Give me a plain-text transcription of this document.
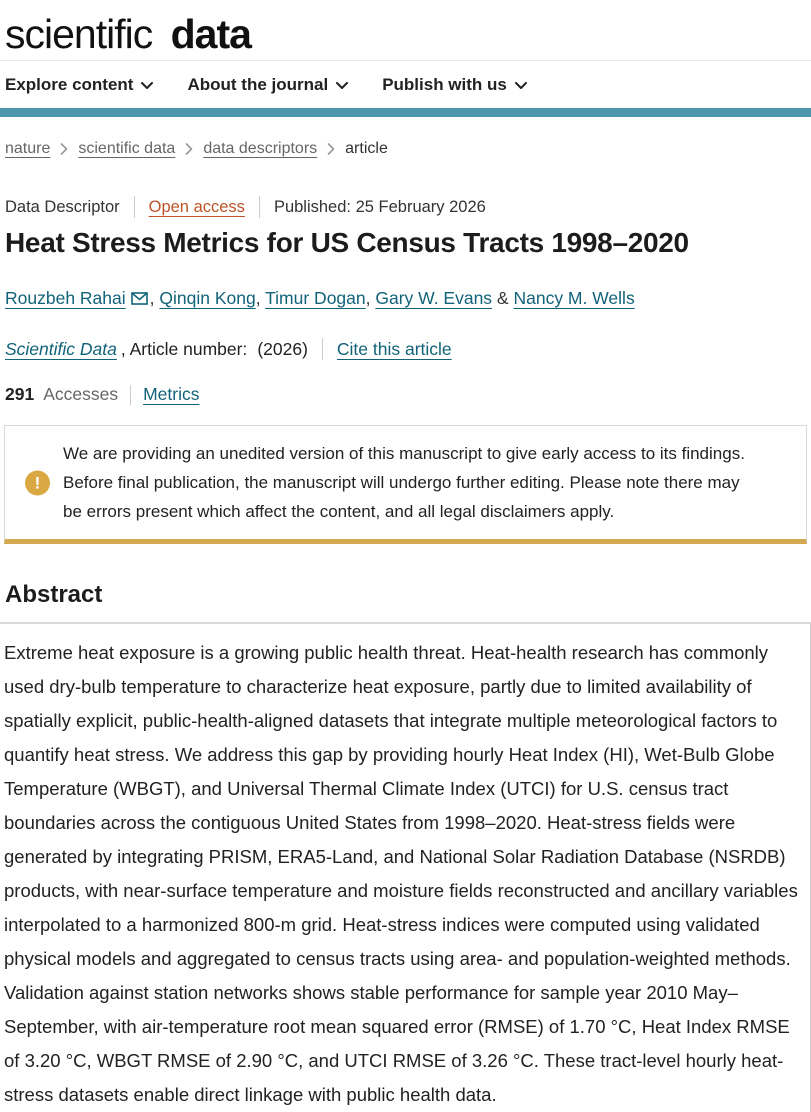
scientific data
Explore content	About the journal	Publish with us
nature scientific data data descriptors article
Data Descriptor Open access Published: 25 February 2026
Heat Stress Metrics for US Census Tracts 1998–2020
Rouzbeh Rahai , Qinqin Kong, Timur Dogan, Gary W. Evans & Nancy M. Wells
Scientific Data , Article number: (2026) Cite this article
291 Accesses Metrics
!
We are providing an unedited version of this manuscript to give early access to its findings. Before final publication, the manuscript will undergo further editing. Please note there may be errors present which affect the content, and all legal disclaimers apply.
Abstract

Extreme heat exposure is a growing public health threat. Heat-health research has commonly used dry-bulb temperature to characterize heat exposure, partly due to limited availability of spatially explicit, public-health-aligned datasets that integrate multiple meteorological factors to quantify heat stress. We address this gap by providing hourly Heat Index (HI), Wet-Bulb Globe Temperature (WBGT), and Universal Thermal Climate Index (UTCI) for U.S. census tract boundaries across the contiguous United States from 1998–2020. Heat-stress fields were generated by integrating PRISM, ERA5-Land, and National Solar Radiation Database (NSRDB) products, with near-surface temperature and moisture fields reconstructed and ancillary variables interpolated to a harmonized 800-m grid. Heat-stress indices were computed using validated physical models and aggregated to census tracts using area- and population-weighted methods. Validation against station networks shows stable performance for sample year 2010 May–September, with air-temperature root mean squared error (RMSE) of 1.70 °C, Heat Index RMSE of 3.20 °C, WBGT RMSE of 2.90 °C, and UTCI RMSE of 3.26 °C. These tract-level hourly heat-stress datasets enable direct linkage with public health data.
